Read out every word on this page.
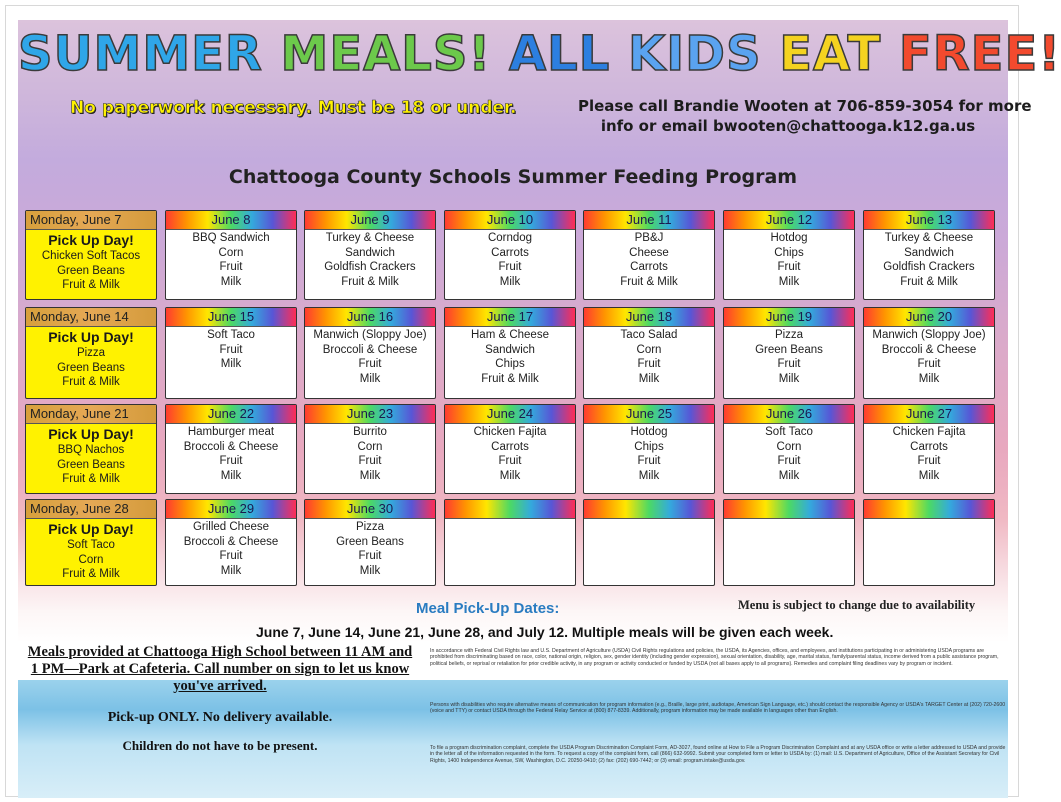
SUMMER MEALS! ALL KIDS EAT FREE!
No paperwork necessary. Must be 18 or under.	Please call Brandie Wooten at 706-859-3054 for more
info or email bwooten@chattooga.k12.ga.us
Chattooga County Schools Summer Feeding Program
Monday, June 7
Pick Up Day!
Chicken Soft Tacos
Green Beans
Fruit & Milk
June 8
BBQ Sandwich
Corn
Fruit
Milk
June 9
Turkey & Cheese
Sandwich
Goldfish Crackers
Fruit & Milk
June 10
Corndog
Carrots
Fruit
Milk
June 11
PB&J
Cheese
Carrots
Fruit & Milk
June 12
Hotdog
Chips
Fruit
Milk
June 13
Turkey & Cheese
Sandwich
Goldfish Crackers
Fruit & Milk
Monday, June 14
Pick Up Day!
Pizza
Green Beans
Fruit & Milk
June 15
Soft Taco
Fruit
Milk
June 16
Manwich (Sloppy Joe)
Broccoli & Cheese
Fruit
Milk
June 17
Ham & Cheese
Sandwich
Chips
Fruit & Milk
June 18
Taco Salad
Corn
Fruit
Milk
June 19
Pizza
Green Beans
Fruit
Milk
June 20
Manwich (Sloppy Joe)
Broccoli & Cheese
Fruit
Milk
Monday, June 21
Pick Up Day!
BBQ Nachos
Green Beans
Fruit & Milk
June 22
Hamburger meat
Broccoli & Cheese
Fruit
Milk
June 23
Burrito
Corn
Fruit
Milk
June 24
Chicken Fajita
Carrots
Fruit
Milk
June 25
Hotdog
Chips
Fruit
Milk
June 26
Soft Taco
Corn
Fruit
Milk
June 27
Chicken Fajita
Carrots
Fruit
Milk
Monday, June 28
Pick Up Day!
Soft Taco
Corn
Fruit & Milk
June 29
Grilled Cheese
Broccoli & Cheese
Fruit
Milk
June 30
Pizza
Green Beans
Fruit
Milk
Meal Pick-Up Dates:	Menu is subject to change due to availability
June 7, June 14, June 21, June 28, and July 12. Multiple meals will be given each week.
Meals provided at Chattooga High School between 11 AM and 1 PM—Park at Cafeteria. Call number on sign to let us know you've arrived.
Pick-up ONLY. No delivery available.
Children do not have to be present.
In accordance with Federal Civil Rights law and U.S. Department of Agriculture (USDA) Civil Rights regulations and policies, the USDA, its Agencies, offices, and employees, and institutions participating in or administering USDA programs are prohibited from discriminating based on race, color, national origin, religion, sex, gender identity (including gender expression), sexual orientation, disability, age, marital status, family/parental status, income derived from a public assistance program, political beliefs, or reprisal or retaliation for prior credible activity, in any program or activity conducted or funded by USDA (not all bases apply to all programs). Remedies and complaint filing deadlines vary by program or incident.
Persons with disabilities who require alternative means of communication for program information (e.g., Braille, large print, audiotape, American Sign Language, etc.) should contact the responsible Agency or USDA's TARGET Center at (202) 720-2600 (voice and TTY) or contact USDA through the Federal Relay Service at (800) 877-8339. Additionally, program information may be made available in languages other than English.
To file a program discrimination complaint, complete the USDA Program Discrimination Complaint Form, AD-3027, found online at How to File a Program Discrimination Complaint and at any USDA office or write a letter addressed to USDA and provide in the letter all of the information requested in the form. To request a copy of the complaint form, call (866) 632-9992. Submit your completed form or letter to USDA by: (1) mail: U.S. Department of Agriculture, Office of the Assistant Secretary for Civil Rights, 1400 Independence Avenue, SW, Washington, D.C. 20250-9410; (2) fax: (202) 690-7442; or (3) email: program.intake@usda.gov.
